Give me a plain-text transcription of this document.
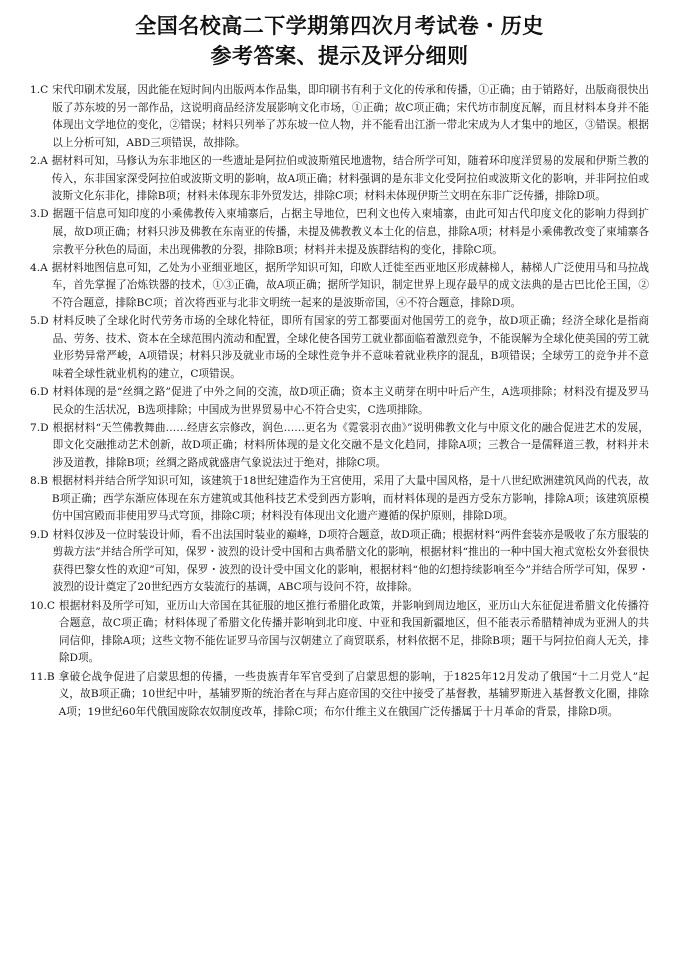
全国名校高二下学期第四次月考试卷・历史
参考答案、提示及评分细则
1.C 宋代印刷术发展，因此能在短时间内出版两本作品集，即印刷书有利于文化的传承和传播，①正确；由于销路好，出版商很快出版了苏东坡的另一部作品，这说明商品经济发展影响文化市场，①正确；故C项正确；宋代坊市制度瓦解，而且材料本身并不能体现出文学地位的变化，②错误；材料只列举了苏东坡一位人物，并不能看出江浙一带北宋成为人才集中的地区，③错误。根据以上分析可知，ABD三项错误，故排除。
2.A 据材料可知，马修认为东非地区的一些遗址是阿拉伯或波斯殖民地遗物，结合所学可知，随着环印度洋贸易的发展和伊斯兰教的传入，东非国家深受阿拉伯或波斯文明的影响，故A项正确；材料强调的是东非文化受阿拉伯或波斯文化的影响，并非阿拉伯或波斯文化东非化，排除B项；材料未体现东非外贸发达，排除C项；材料未体现伊斯兰文明在东非广泛传播，排除D项。
3.D 据题干信息可知印度的小乘佛教传入柬埔寨后，占据主导地位，巴利文也传入柬埔寨，由此可知古代印度文化的影响力得到扩展，故D项正确；材料只涉及佛教在东南亚的传播，未提及佛教教义本土化的信息，排除A项；材料是小乘佛教改变了柬埔寨各宗教平分秋色的局面，未出现佛教的分裂，排除B项；材料并未提及族群结构的变化，排除C项。
4.A 据材料地图信息可知，乙处为小亚细亚地区，据所学知识可知，印欧人迁徙至西亚地区形成赫梯人，赫梯人广泛使用马和马拉战车，首先掌握了冶炼铁器的技术，①③正确，故A项正确；据所学知识，制定世界上现存最早的成文法典的是古巴比伦王国，②不符合题意，排除BC项；首次将西亚与北非文明统一起来的是波斯帝国，④不符合题意，排除D项。
5.D 材料反映了全球化时代劳务市场的全球化特征，即所有国家的劳工都要面对他国劳工的竞争，故D项正确；经济全球化是指商品、劳务、技术、资本在全球范围内流动和配置，全球化使各国劳工就业都面临着激烈竞争，不能误解为全球化使美国的劳工就业形势异常严峻，A项错误；材料只涉及就业市场的全球性竞争并不意味着就业秩序的混乱，B项错误；全球劳工的竞争并不意味着全球性就业机构的建立，C项错误。
6.D 材料体现的是“丝绸之路”促进了中外之间的交流，故D项正确；资本主义萌芽在明中叶后产生，A选项排除；材料没有提及罗马民众的生活状况，B选项排除；中国成为世界贸易中心不符合史实，C选项排除。
7.D 根据材料“天竺佛教舞曲……经唐玄宗修改，润色……更名为《霓裳羽衣曲》”说明佛教文化与中原文化的融合促进艺术的发展，即文化交融推动艺术创新，故D项正确；材料所体现的是文化交融不是文化趋同，排除A项；三教合一是儒释道三教，材料并未涉及道教，排除B项；丝绸之路成就盛唐气象说法过于绝对，排除C项。
8.B 根据材料并结合所学知识可知，该建筑于18世纪建造作为王宫使用，采用了大量中国风格，是十八世纪欧洲建筑风尚的代表，故B项正确；西学东渐应体现在东方建筑或其他科技艺术受到西方影响，而材料体现的是西方受东方影响，排除A项；该建筑原模仿中国宫殿而非使用罗马式穹顶，排除C项；材料没有体现出文化遗产遵循的保护原则，排除D项。
9.D 材料仅涉及一位时装设计师，看不出法国时装业的巅峰，D项符合题意，故D项正确；根据材料“两件套装亦是吸收了东方服装的剪裁方法”并结合所学可知，保罗・波烈的设计受中国和古典希腊文化的影响，根据材料“推出的一种中国大袍式宽松女外套很快获得巴黎女性的欢迎”可知，保罗・波烈的设计受中国文化的影响，根据材料“他的幻想持续影响至今”并结合所学可知，保罗・波烈的设计奠定了20世纪西方女装流行的基调，ABC项与设问不符，故排除。
10.C 根据材料及所学可知，亚历山大帝国在其征服的地区推行希腊化政策，并影响到周边地区，亚历山大东征促进希腊文化传播符合题意，故C项正确；材料体现了希腊文化传播并影响到北印度、中亚和我国新疆地区，但不能表示希腊精神成为亚洲人的共同信仰，排除A项；这些文物不能佐证罗马帝国与汉朝建立了商贸联系，材料依据不足，排除B项；题干与阿拉伯商人无关，排除D项。
11.B 拿破仑战争促进了启蒙思想的传播，一些贵族青年军官受到了启蒙思想的影响，于1825年12月发动了俄国“十二月党人”起义，故B项正确；10世纪中叶，基辅罗斯的统治者在与拜占庭帝国的交往中接受了基督教，基辅罗斯进入基督教文化圈，排除A项；19世纪60年代俄国废除农奴制度改革，排除C项；布尔什维主义在俄国广泛传播属于十月革命的背景，排除D项。
